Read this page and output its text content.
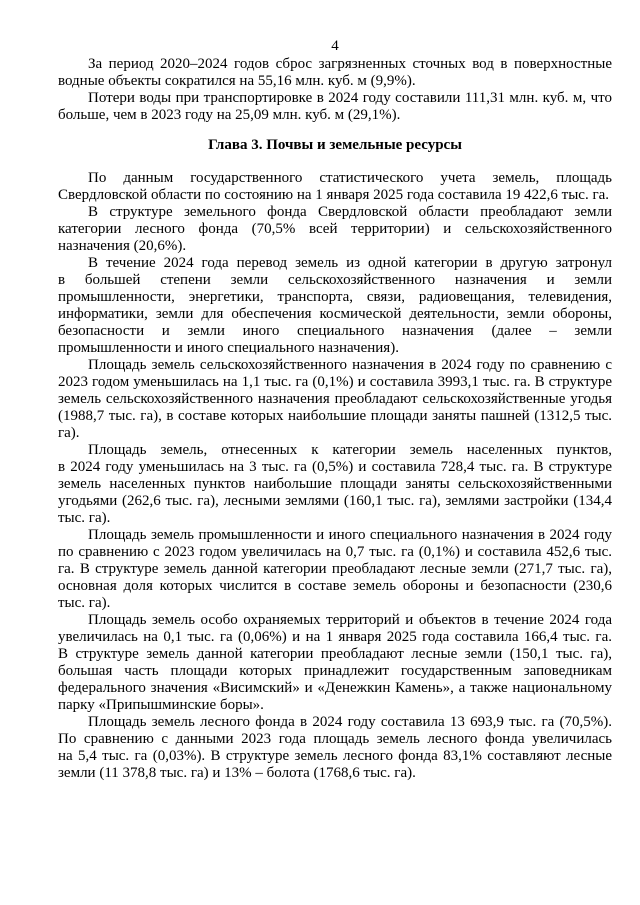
4

За период 2020–2024 годов сброс загрязненных сточных вод в поверхностные водные объекты сократился на 55,16 млн. куб. м (9,9%).

Потери воды при транспортировке в 2024 году составили 111,31 млн. куб. м, что больше, чем в 2023 году на 25,09 млн. куб. м (29,1%).

Глава 3. Почвы и земельные ресурсы

По данным государственного статистического учета земель, площадь Свердловской области по состоянию на 1 января 2025 года составила 19 422,6 тыс. га.

В структуре земельного фонда Свердловской области преобладают земли категории лесного фонда (70,5% всей территории) и сельскохозяйственного назначения (20,6%).

В течение 2024 года перевод земель из одной категории в другую затронул в большей степени земли сельскохозяйственного назначения и земли промышленности, энергетики, транспорта, связи, радиовещания, телевидения, информатики, земли для обеспечения космической деятельности, земли обороны, безопасности и земли иного специального назначения (далее – земли промышленности и иного специального назначения).

Площадь земель сельскохозяйственного назначения в 2024 году по сравнению с 2023 годом уменьшилась на 1,1 тыс. га (0,1%) и составила 3993,1 тыс. га. В структуре земель сельскохозяйственного назначения преобладают сельскохозяйственные угодья (1988,7 тыс. га), в составе которых наибольшие площади заняты пашней (1312,5 тыс. га).

Площадь земель, отнесенных к категории земель населенных пунктов, в 2024 году уменьшилась на 3 тыс. га (0,5%) и составила 728,4 тыс. га. В структуре земель населенных пунктов наибольшие площади заняты сельскохозяйственными угодьями (262,6 тыс. га), лесными землями (160,1 тыс. га), землями застройки (134,4 тыс. га).

Площадь земель промышленности и иного специального назначения в 2024 году по сравнению с 2023 годом увеличилась на 0,7 тыс. га (0,1%) и составила 452,6 тыс. га. В структуре земель данной категории преобладают лесные земли (271,7 тыс. га), основная доля которых числится в составе земель обороны и безопасности (230,6 тыс. га).

Площадь земель особо охраняемых территорий и объектов в течение 2024 года увеличилась на 0,1 тыс. га (0,06%) и на 1 января 2025 года составила 166,4 тыс. га. В структуре земель данной категории преобладают лесные земли (150,1 тыс. га), большая часть площади которых принадлежит государственным заповедникам федерального значения «Висимский» и «Денежкин Камень», а также национальному парку «Припышминские боры».

Площадь земель лесного фонда в 2024 году составила 13 693,9 тыс. га (70,5%). По сравнению с данными 2023 года площадь земель лесного фонда увеличилась на 5,4 тыс. га (0,03%). В структуре земель лесного фонда 83,1% составляют лесные земли (11 378,8 тыс. га) и 13% – болота (1768,6 тыс. га).
